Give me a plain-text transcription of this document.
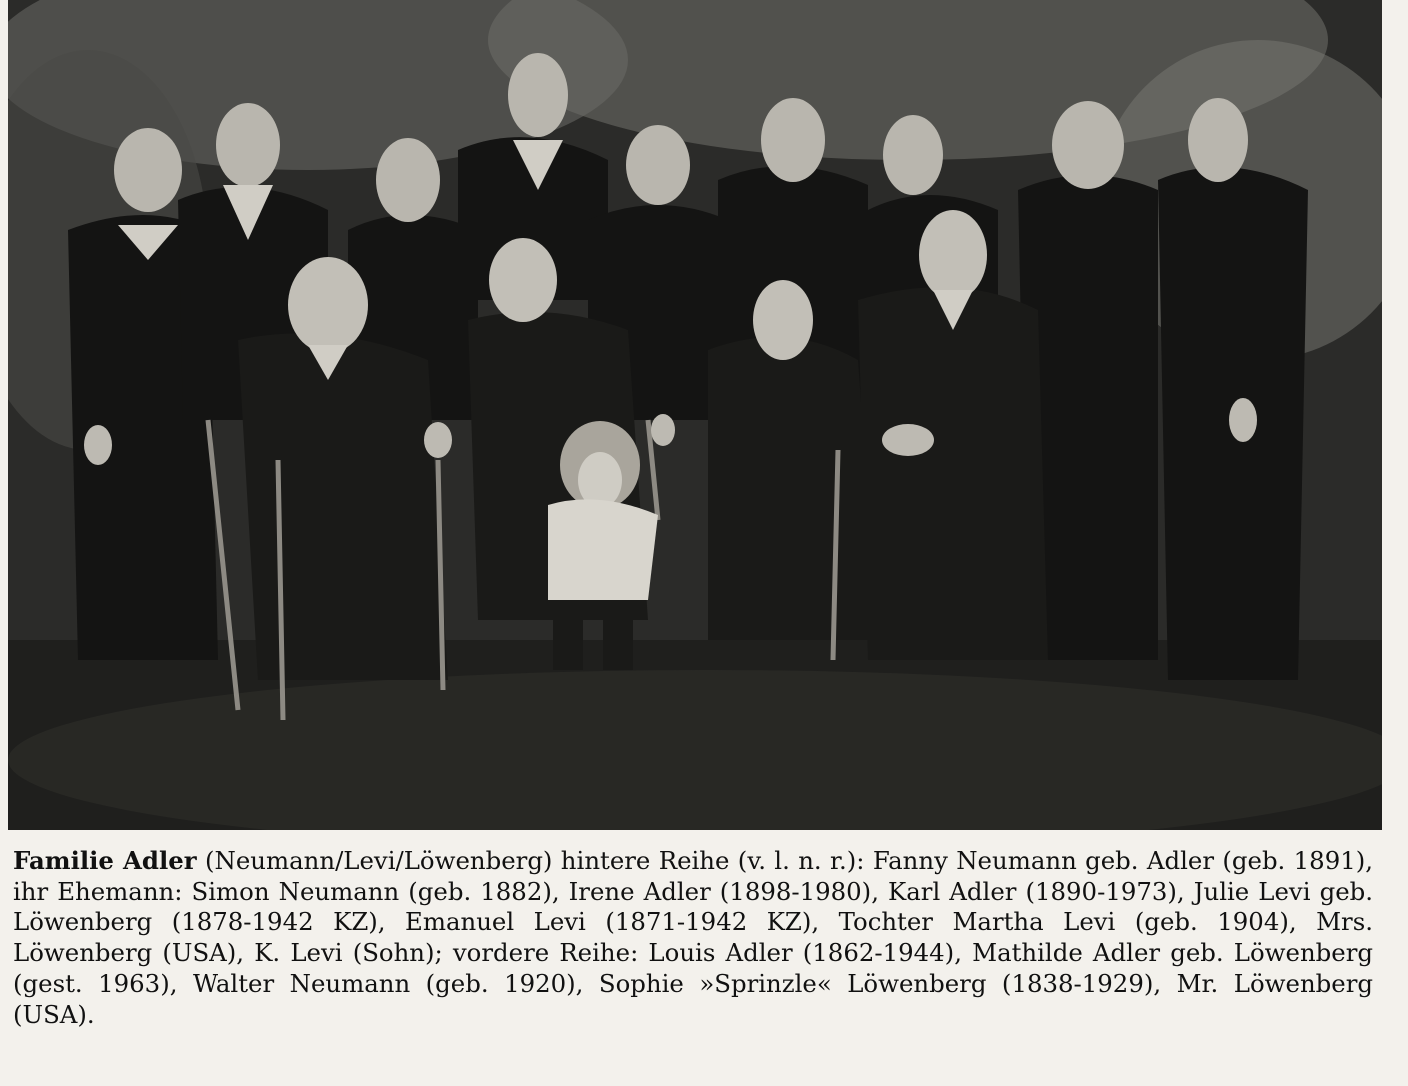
Familie Adler (Neumann/Levi/Löwenberg) hintere Reihe (v. l. n. r.): Fanny Neumann geb. Adler (geb. 1891), ihr Ehemann: Simon Neumann (geb. 1882), Irene Adler (1898-1980), Karl Adler (1890-1973), Julie Levi geb. Löwenberg (1878-1942 KZ), Emanuel Levi (1871-1942 KZ), Tochter Martha Levi (geb. 1904), Mrs. Löwenberg (USA), K. Levi (Sohn); vordere Reihe: Louis Adler (1862-1944), Mathilde Adler geb. Löwenberg (gest. 1963), Walter Neumann (geb. 1920), Sophie »Sprinzle« Löwenberg (1838-1929), Mr. Löwenberg (USA).
